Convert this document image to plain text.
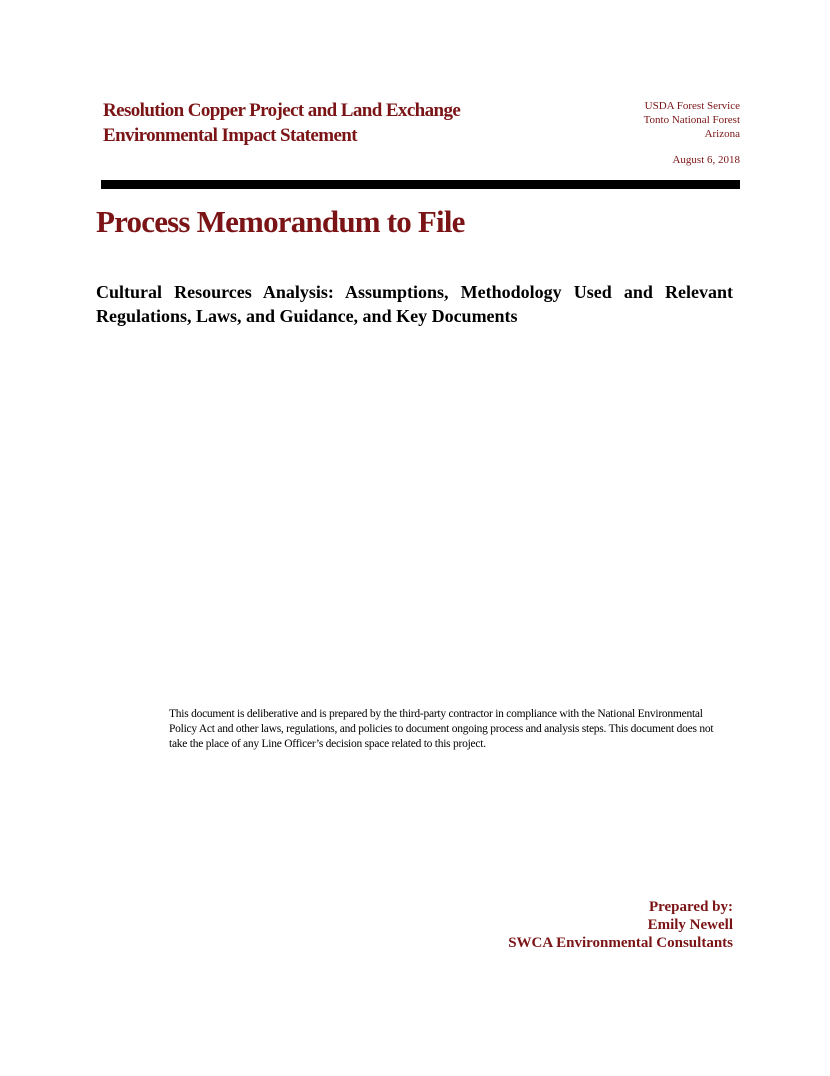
Resolution Copper Project and Land Exchange
Environmental Impact Statement
USDA Forest Service
Tonto National Forest
Arizona
August 6, 2018
Process Memorandum to File
Cultural Resources Analysis: Assumptions, Methodology Used and Relevant Regulations, Laws, and Guidance, and Key Documents
This document is deliberative and is prepared by the third-party contractor in compliance with the National Environmental Policy Act and other laws, regulations, and policies to document ongoing process and analysis steps. This document does not take the place of any Line Officer’s decision space related to this project.
Prepared by:
Emily Newell
SWCA Environmental Consultants
